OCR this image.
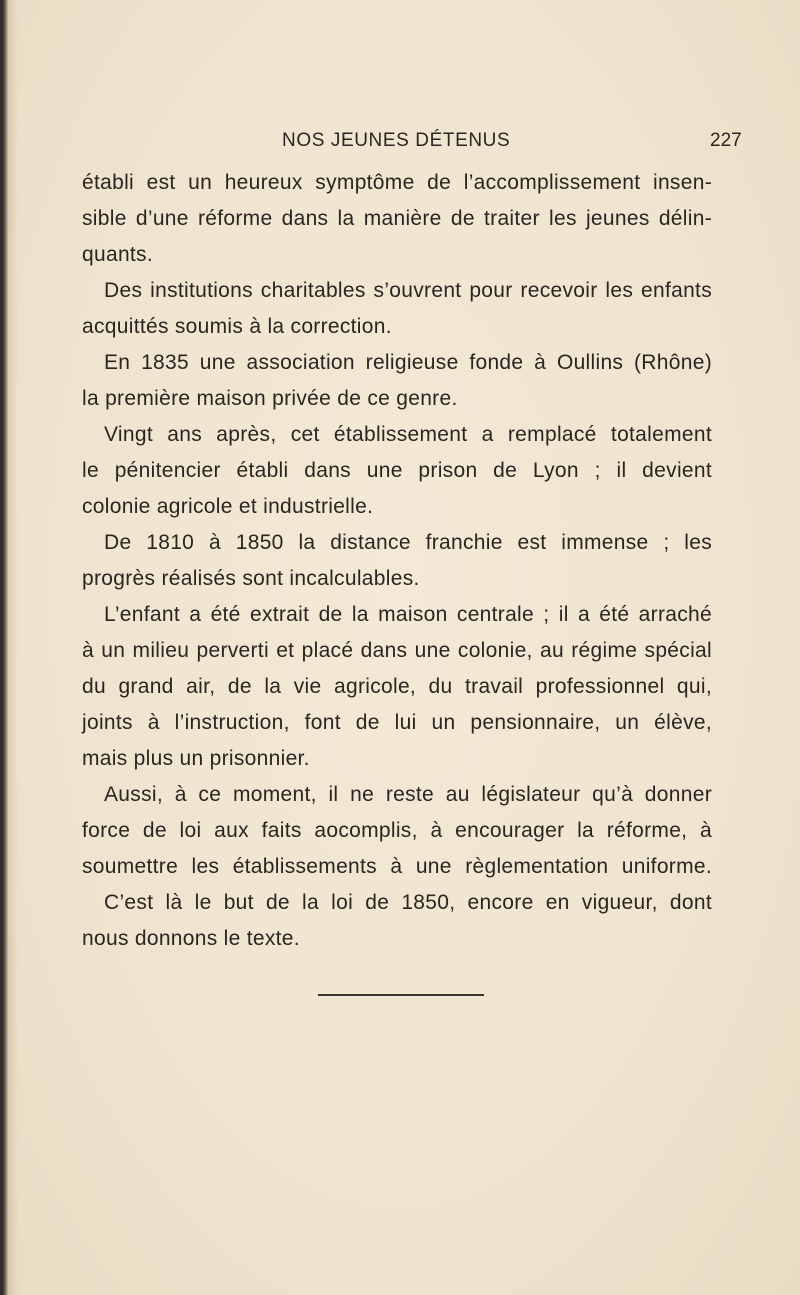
NOS JEUNES DÉTENUS	227
établi est un heureux symptôme de l’accomplissement insen-
sible d’une réforme dans la manière de traiter les jeunes délin-
quants.
Des institutions charitables s’ouvrent pour recevoir les enfants
acquittés soumis à la correction.
En 1835 une association religieuse fonde à Oullins (Rhône)
la première maison privée de ce genre.
Vingt ans après, cet établissement a remplacé totalement
le pénitencier établi dans une prison de Lyon ; il devient
colonie agricole et industrielle.
De 1810 à 1850 la distance franchie est immense ; les
progrès réalisés sont incalculables.
L’enfant a été extrait de la maison centrale ; il a été arraché
à un milieu perverti et placé dans une colonie, au régime spécial
du grand air, de la vie agricole, du travail professionnel qui,
joints à l’instruction, font de lui un pensionnaire, un élève,
mais plus un prisonnier.
Aussi, à ce moment, il ne reste au législateur qu’à donner
force de loi aux faits aocomplis, à encourager la réforme, à
soumettre les établissements à une règlementation uniforme.
C’est là le but de la loi de 1850, encore en vigueur, dont
nous donnons le texte.
